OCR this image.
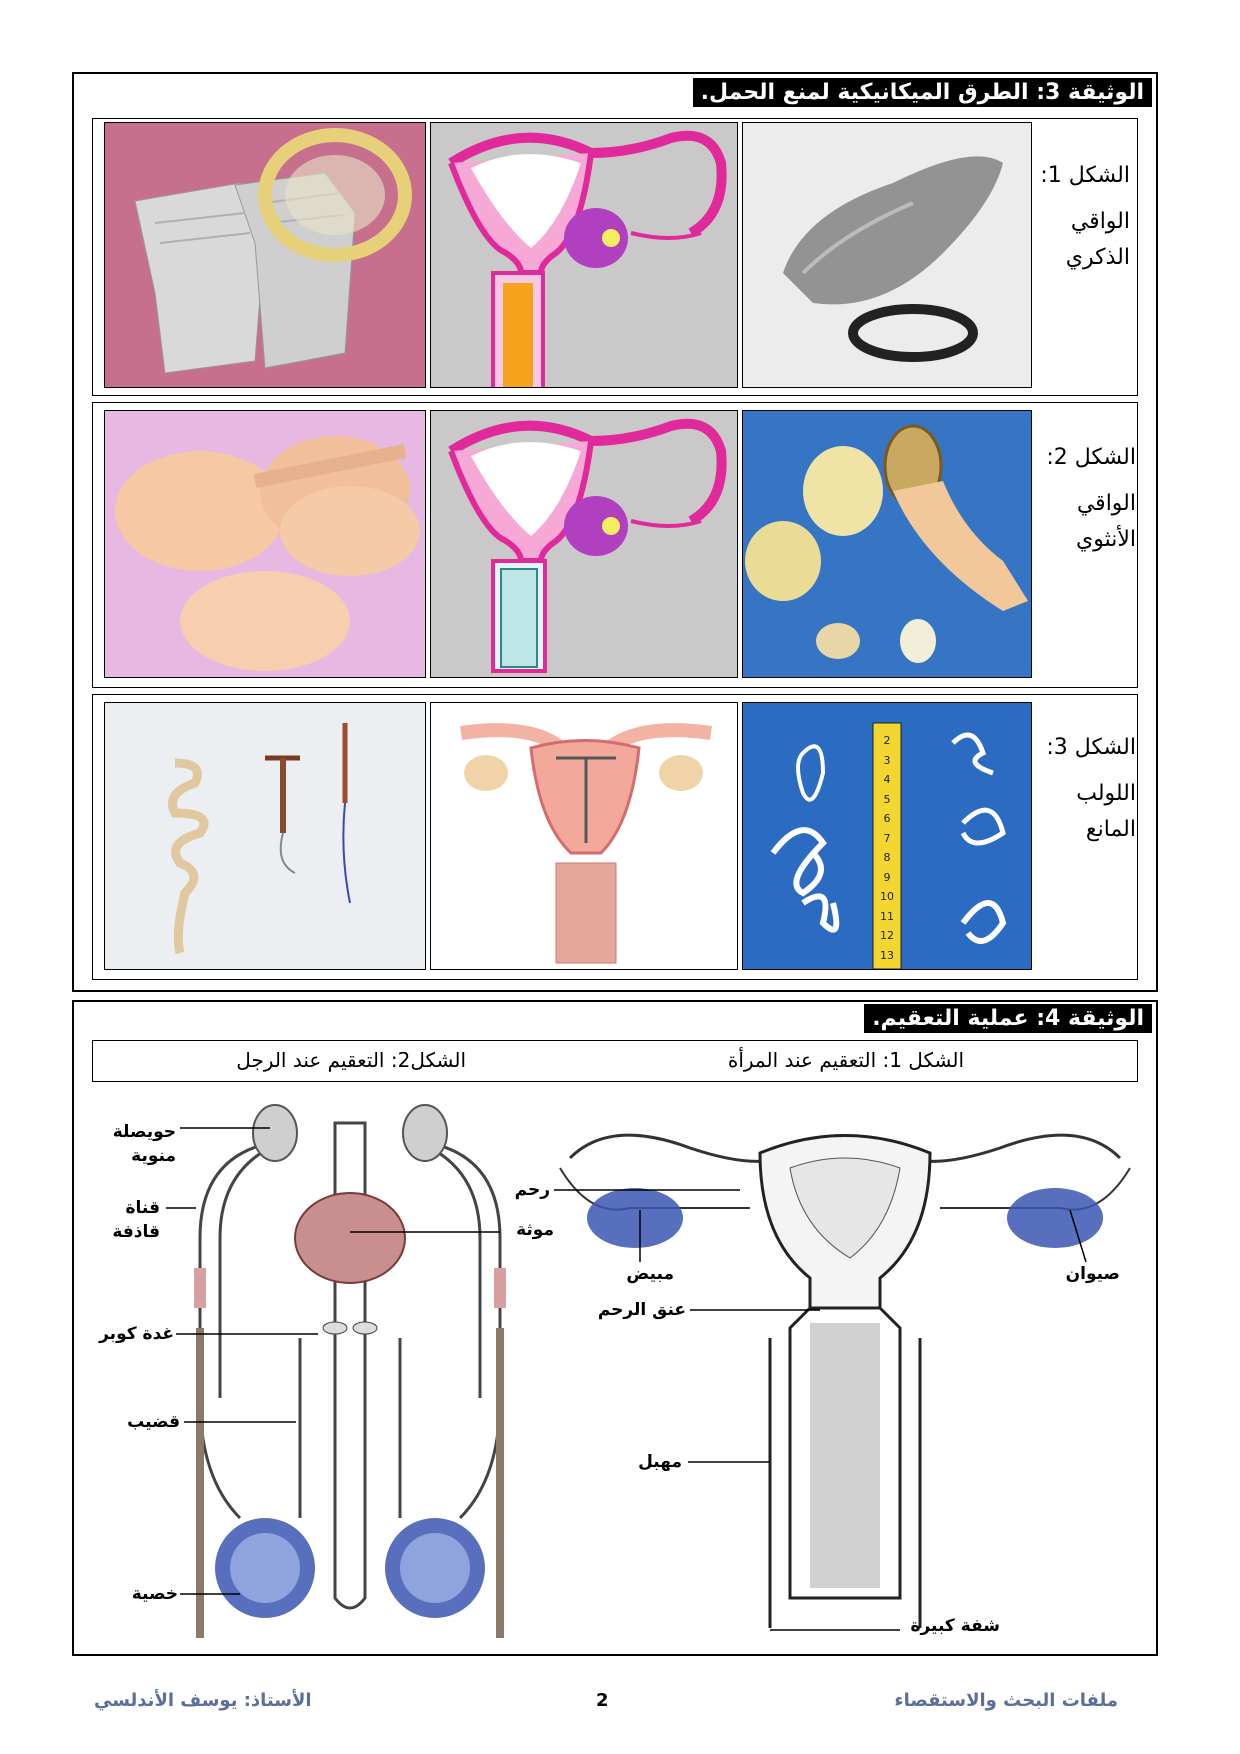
الوثيقة 3: الطرق الميكانيكية لمنع الحمل.
الشكل 1:
الواقي
الذكري
الشكل 2:
الواقي
الأنثوي
الشكل 3:
اللولب
المانع
2
3
4
5
6
7
8
9
10
11
12
13
الوثيقة 4: عملية التعقيم.
الشكل 1: التعقيم عند المرأة
الشكل2: التعقيم عند الرجل
حويصلة
منوية
قناة
قاذفة
غدة كوبر
قضيب
خصية
رحم
موثة
مبيض
عنق الرحم
مهبل
شفة كبيرة
صيوان
الأستاذ: يوسف الأندلسي	2	ملفات البحث والاستقصاء
